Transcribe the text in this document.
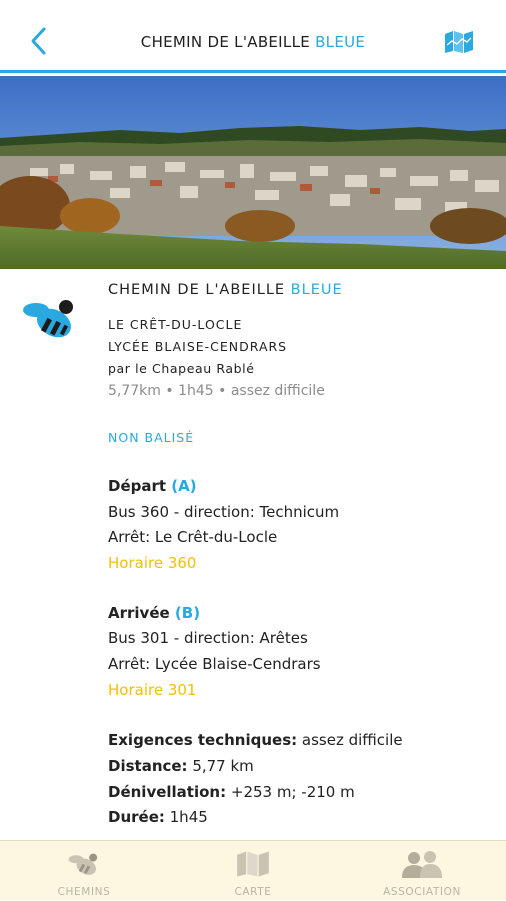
CHEMIN DE L'ABEILLE BLEUE
CHEMIN DE L'ABEILLE BLEUE
LE CRÊT-DU-LOCLE
LYCÉE BLAISE-CENDRARS
par le Chapeau Rablé
5,77km • 1h45 • assez difficile
NON BALISÉ
Départ (A)
Bus 360 - direction: Technicum
Arrêt: Le Crêt-du-Locle
Horaire 360
Arrivée (B)
Bus 301 - direction: Arêtes
Arrêt: Lycée Blaise-Cendrars
Horaire 301
Exigences techniques: assez difficile
Distance: 5,77 km
Dénivellation: +253 m; -210 m
Durée: 1h45
CHEMINS	CARTE	ASSOCIATION
